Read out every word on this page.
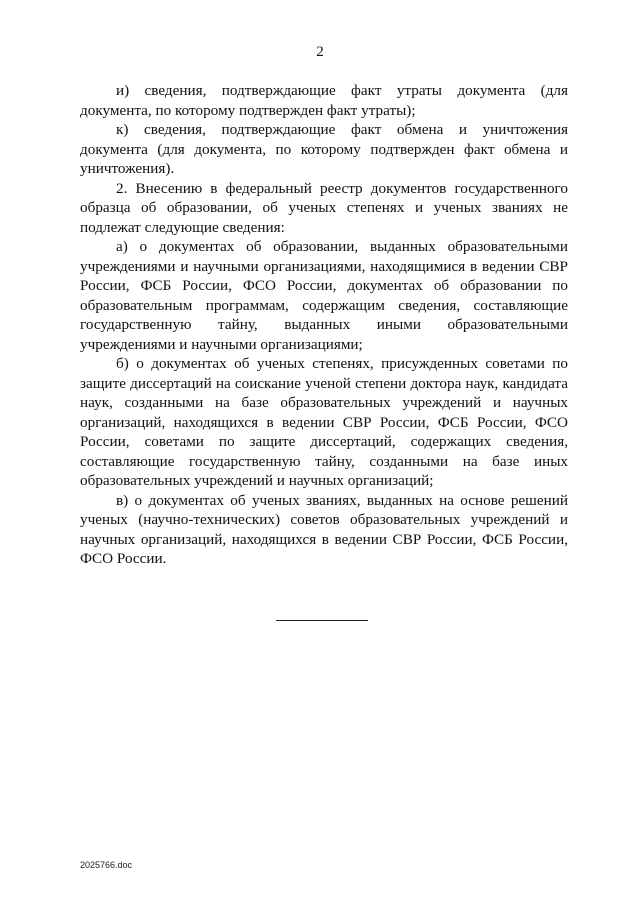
2

и) сведения, подтверждающие факт утраты документа (для документа, по которому подтвержден факт утраты);

к) сведения, подтверждающие факт обмена и уничтожения документа (для документа, по которому подтвержден факт обмена и уничтожения).

2. Внесению в федеральный реестр документов государственного образца об образовании, об ученых степенях и ученых званиях не подлежат следующие сведения:

а) о документах об образовании, выданных образовательными учреждениями и научными организациями, находящимися в ведении СВР России, ФСБ России, ФСО России, документах об образовании по образовательным программам, содержащим сведения, составляющие государственную тайну, выданных иными образовательными учреждениями и научными организациями;

б) о документах об ученых степенях, присужденных советами по защите диссертаций на соискание ученой степени доктора наук, кандидата наук, созданными на базе образовательных учреждений и научных организаций, находящихся в ведении СВР России, ФСБ России, ФСО России, советами по защите диссертаций, содержащих сведения, составляющие государственную тайну, созданными на базе иных образовательных учреждений и научных организаций;

в) о документах об ученых званиях, выданных на основе решений ученых (научно-технических) советов образовательных учреждений и научных организаций, находящихся в ведении СВР России, ФСБ России, ФСО России.

2025766.doc
